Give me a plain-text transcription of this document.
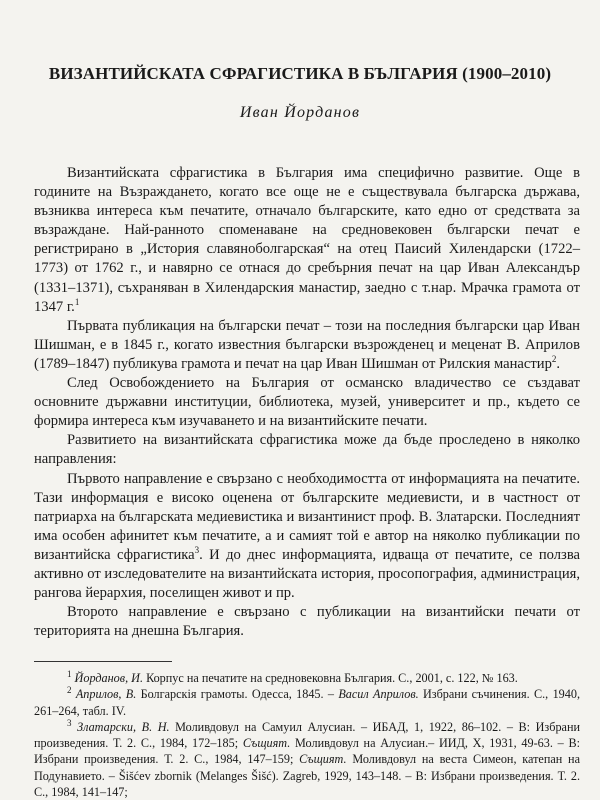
ВИЗАНТИЙСКАТА СФРАГИСТИКА В БЪЛГАРИЯ (1900–2010)
Иван Йорданов

Византийската сфрагистика в България има специфично развитие. Още в годините на Възраждането, когато все още не е съществувала българска държава, възниква интереса към печатите, отначало българските, като едно от средствата за възраждане. Най-ранното споменаване на средновековен български печат е регистрирано в „История славяноболгарская“ на отец Паисий Хилендарски (1722–1773) от 1762 г., и навярно се отнася до сребърния печат на цар Иван Александър (1331–1371), съхраняван в Хилендарския манастир, заедно с т.нар. Мрачка грамота от 1347 г.$^1$

Първата публикация на български печат – този на последния български цар Иван Шишман, е в 1845 г., когато известния български възрожденец и меценат В. Априлов (1789–1847) публикува грамота и печат на цар Иван Шишман от Рилския манастир$^2$.

След Освобождението на България от османско владичество се създават основните държавни институции, библиотека, музей, университет и пр., където се формира интереса към изучаването и на византийските печати.

Развитието на византийската сфрагистика може да бъде проследено в няколко направления:

Първото направление е свързано с необходимостта от информацията на печатите. Тази информация е високо оценена от българските медиевисти, и в частност от патриарха на българската медиевистика и византинист проф. В. Златарски. Последният има особен афинитет към печатите, а и самият той е автор на няколко публикации по византийска сфрагистика$^3$. И до днес информацията, идваща от печатите, се ползва активно от изследователите на византийската история, просопография, администрация, рангова йерархия, поселищен живот и пр.

Второто направление е свързано с публикации на византийски печати от територията на днешна България.

$^1$ Йорданов, И. Корпус на печатите на средновековна България. С., 2001, с. 122, № 163.

$^2$ Априлов, В. Болгарскія грамоты. Одесса, 1845. – Васил Априлов. Избрани съчинения. С., 1940, 261–264, табл. IV.

$^3$ Златарски, В. Н. Моливдовул на Самуил Алусиан. – ИБАД, 1, 1922, 86–102. – В: Избрани произведения. Т. 2. С., 1984, 172–185; Същият. Моливдовул на Алусиан.– ИИД, X, 1931, 49-63. – В: Избрани произведения. Т. 2. С., 1984, 147–159; Същият. Моливдовул на веста Симеон, катепан на Подунавието. – Šišćev zbornik (Melanges Šišć). Zagreb, 1929, 143–148. – В: Избрани произведения. Т. 2. С., 1984, 141–147;
